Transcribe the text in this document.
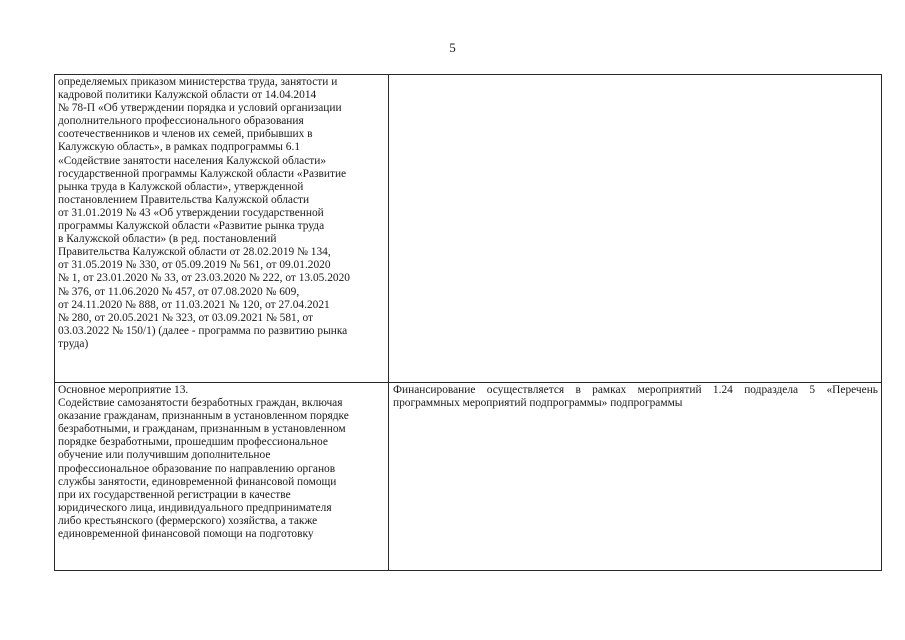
5
определяемых приказом министерства труда, занятости и
кадровой политики Калужской области от 14.04.2014
№ 78-П «Об утверждении порядка и условий организации
дополнительного профессионального образования
соотечественников и членов их семей, прибывших в
Калужскую область», в рамках подпрограммы 6.1
«Содействие занятости населения Калужской области»
государственной программы Калужской области «Развитие
рынка труда в Калужской области», утвержденной
постановлением Правительства Калужской области
от 31.01.2019 № 43 «Об утверждении государственной
программы Калужской области «Развитие рынка труда
в Калужской области» (в ред. постановлений
Правительства Калужской области от 28.02.2019 № 134,
от 31.05.2019 № 330, от 05.09.2019 № 561, от 09.01.2020
№ 1, от 23.01.2020 № 33, от 23.03.2020 № 222, от 13.05.2020
№ 376, от 11.06.2020 № 457, от 07.08.2020 № 609,
от 24.11.2020 № 888, от 11.03.2021 № 120, от 27.04.2021
№ 280, от 20.05.2021 № 323, от 03.09.2021 № 581, от
03.03.2022 № 150/1) (далее - программа по развитию рынка
труда)
Основное мероприятие 13.
Содействие самозанятости безработных граждан, включая
оказание гражданам, признанным в установленном порядке
безработными, и гражданам, признанным в установленном
порядке безработными, прошедшим профессиональное
обучение или получившим дополнительное
профессиональное образование по направлению органов
службы занятости, единовременной финансовой помощи
при их государственной регистрации в качестве
юридического лица, индивидуального предпринимателя
либо крестьянского (фермерского) хозяйства, а также
единовременной финансовой помощи на подготовку
Финансирование осуществляется в рамках мероприятий 1.24 подраздела 5 «Перечень программных мероприятий подпрограммы» подпрограммы
